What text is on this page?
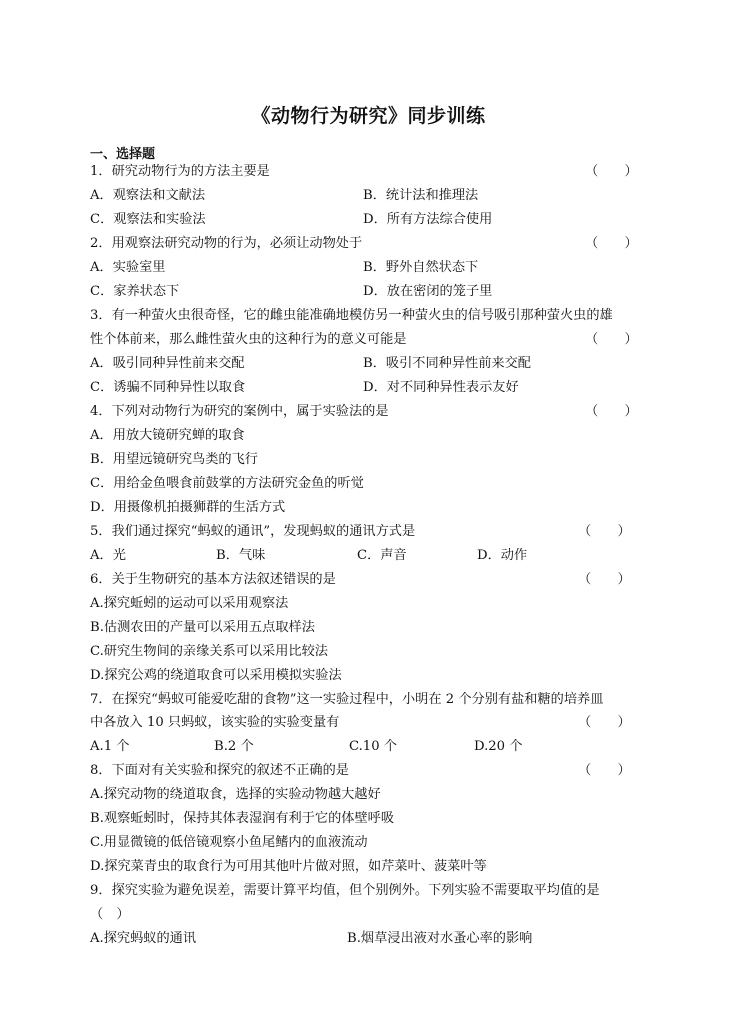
《动物行为研究》同步训练
一、选择题
1．研究动物行为的方法主要是	（　　）
A．观察法和文献法	B．统计法和推理法
C．观察法和实验法	D．所有方法综合使用
2．用观察法研究动物的行为，必须让动物处于	（　　）
A．实验室里	B．野外自然状态下
C．家养状态下	D．放在密闭的笼子里
3．有一种萤火虫很奇怪，它的雌虫能准确地模仿另一种萤火虫的信号吸引那种萤火虫的雄
性个体前来，那么雌性萤火虫的这种行为的意义可能是	（　　）
A．吸引同种异性前来交配	B．吸引不同种异性前来交配
C．诱骗不同种异性以取食	D．对不同种异性表示友好
4．下列对动物行为研究的案例中，属于实验法的是	（　　）
A．用放大镜研究蝉的取食
B．用望远镜研究鸟类的飞行
C．用给金鱼喂食前鼓掌的方法研究金鱼的听觉
D．用摄像机拍摄狮群的生活方式
5．我们通过探究“蚂蚁的通讯”，发现蚂蚁的通讯方式是	（　　）
A．光	B．气味	C．声音	D．动作
6．关于生物研究的基本方法叙述错误的是	（　　）
A.探究蚯蚓的运动可以采用观察法
B.估测农田的产量可以采用五点取样法
C.研究生物间的亲缘关系可以采用比较法
D.探究公鸡的绕道取食可以采用模拟实验法
7．在探究“蚂蚁可能爱吃甜的食物”这一实验过程中，小明在 2 个分别有盐和糖的培养皿
中各放入 10 只蚂蚁，该实验的实验变量有	（　　）
A.1 个	B.2 个	C.10 个	D.20 个
8．下面对有关实验和探究的叙述不正确的是	（　　）
A.探究动物的绕道取食，选择的实验动物越大越好
B.观察蚯蚓时，保持其体表湿润有利于它的体壁呼吸
C.用显微镜的低倍镜观察小鱼尾鳍内的血液流动
D.探究菜青虫的取食行为可用其他叶片做对照，如芹菜叶、菠菜叶等
9．探究实验为避免误差，需要计算平均值，但个别例外。下列实验不需要取平均值的是
（　）
A.探究蚂蚁的通讯	B.烟草浸出液对水蚤心率的影响
